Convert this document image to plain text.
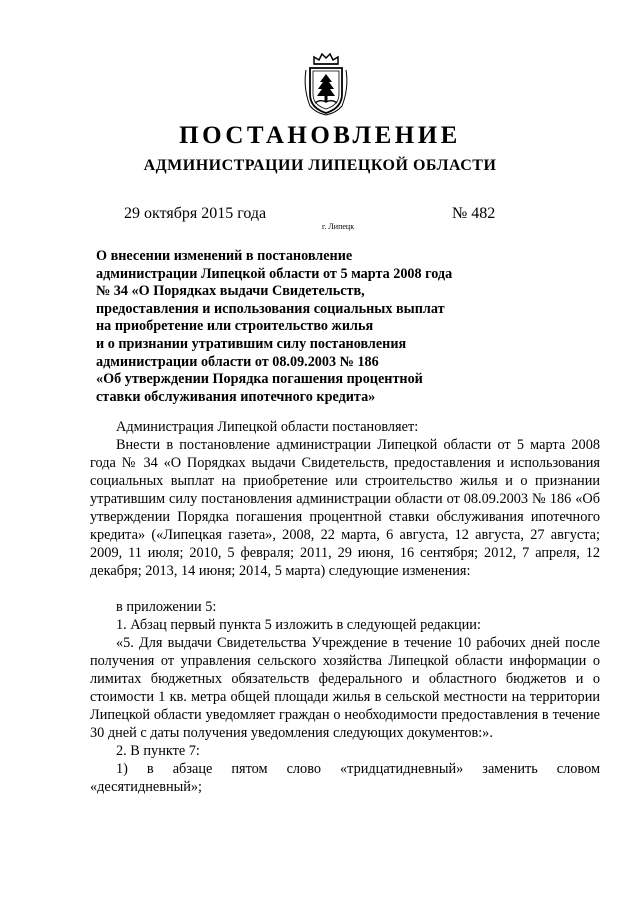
ПОСТАНОВЛЕНИЕ
АДМИНИСТРАЦИИ ЛИПЕЦКОЙ ОБЛАСТИ
29 октября 2015 года
г. Липецк
№ 482
О внесении изменений в постановление
администрации Липецкой области от 5 марта 2008 года
№ 34 «О Порядках выдачи Свидетельств,
предоставления и использования социальных выплат
на приобретение или строительство жилья
и о признании утратившим силу постановления
администрации области от 08.09.2003 № 186
«Об утверждении Порядка погашения процентной
ставки обслуживания ипотечного кредита»

Администрация Липецкой области постановляет:

Внести в постановление администрации Липецкой области от 5 марта 2008 года № 34 «О Порядках выдачи Свидетельств, предоставления и использования социальных выплат на приобретение или строительство жилья и о признании утратившим силу постановления администрации области от 08.09.2003 № 186 «Об утверждении Порядка погашения процентной ставки обслуживания ипотечного кредита» («Липецкая газета», 2008, 22 марта, 6 августа, 12 августа, 27 августа; 2009, 11 июля; 2010, 5 февраля; 2011, 29 июня, 16 сентября; 2012, 7 апреля, 12 декабря; 2013, 14 июня; 2014, 5 марта) следующие изменения:

в приложении 5:

1. Абзац первый пункта 5 изложить в следующей редакции:

«5. Для выдачи Свидетельства Учреждение в течение 10 рабочих дней после получения от управления сельского хозяйства Липецкой области информации о лимитах бюджетных обязательств федерального и областного бюджетов и о стоимости 1 кв. метра общей площади жилья в сельской местности на территории Липецкой области уведомляет граждан о необходимости предоставления в течение 30 дней с даты получения уведомления следующих документов:».

2. В пункте 7:

1) в абзаце пятом слово «тридцатидневный» заменить словом «десятидневный»;
